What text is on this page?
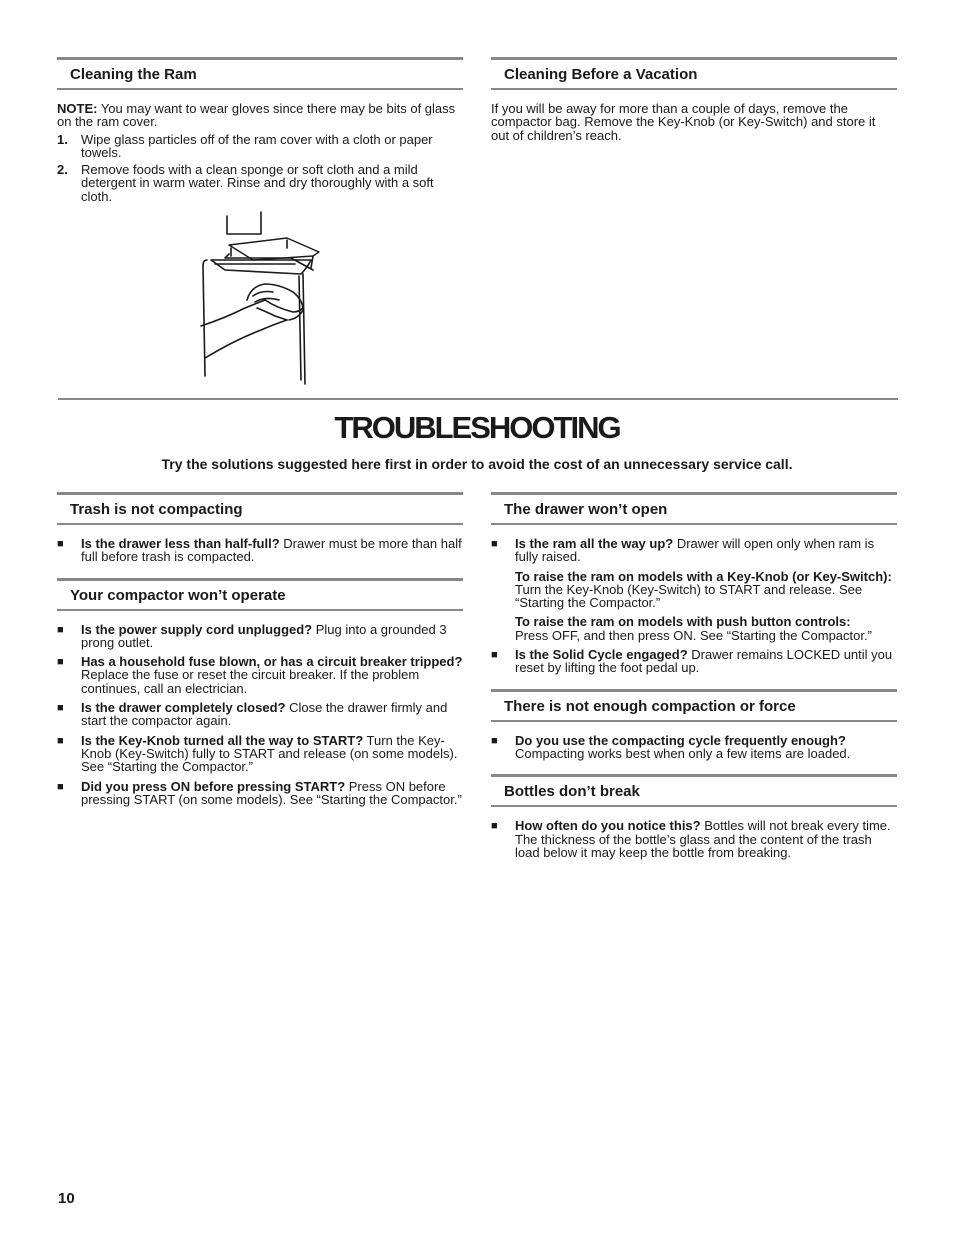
Cleaning the Ram
NOTE: You may want to wear gloves since there may be bits of glass on the ram cover.
1.	Wipe glass particles off of the ram cover with a cloth or paper towels.
2.	Remove foods with a clean sponge or soft cloth and a mild detergent in warm water. Rinse and dry thoroughly with a soft cloth.
Cleaning Before a Vacation
If you will be away for more than a couple of days, remove the compactor bag. Remove the Key-Knob (or Key-Switch) and store it out of children’s reach.
TROUBLESHOOTING
Try the solutions suggested here first in order to avoid the cost of an unnecessary service call.
Trash is not compacting
■	Is the drawer less than half-full? Drawer must be more than half full before trash is compacted.
Your compactor won’t operate
■	Is the power supply cord unplugged? Plug into a grounded 3 prong outlet.
■	Has a household fuse blown, or has a circuit breaker tripped? Replace the fuse or reset the circuit breaker. If the problem continues, call an electrician.
■	Is the drawer completely closed? Close the drawer firmly and start the compactor again.
■	Is the Key-Knob turned all the way to START? Turn the Key-Knob (Key-Switch) fully to START and release (on some models). See “Starting the Compactor.”
■	Did you press ON before pressing START? Press ON before pressing START (on some models). See “Starting the Compactor.”
The drawer won’t open
■	Is the ram all the way up? Drawer will open only when ram is fully raised.
To raise the ram on models with a Key-Knob (or Key-Switch):
Turn the Key-Knob (Key-Switch) to START and release. See “Starting the Compactor.”
To raise the ram on models with push button controls:
Press OFF, and then press ON. See “Starting the Compactor.”
■	Is the Solid Cycle engaged? Drawer remains LOCKED until you reset by lifting the foot pedal up.
There is not enough compaction or force
■	Do you use the compacting cycle frequently enough?
Compacting works best when only a few items are loaded.
Bottles don’t break
■	How often do you notice this? Bottles will not break every time. The thickness of the bottle’s glass and the content of the trash load below it may keep the bottle from breaking.
10
